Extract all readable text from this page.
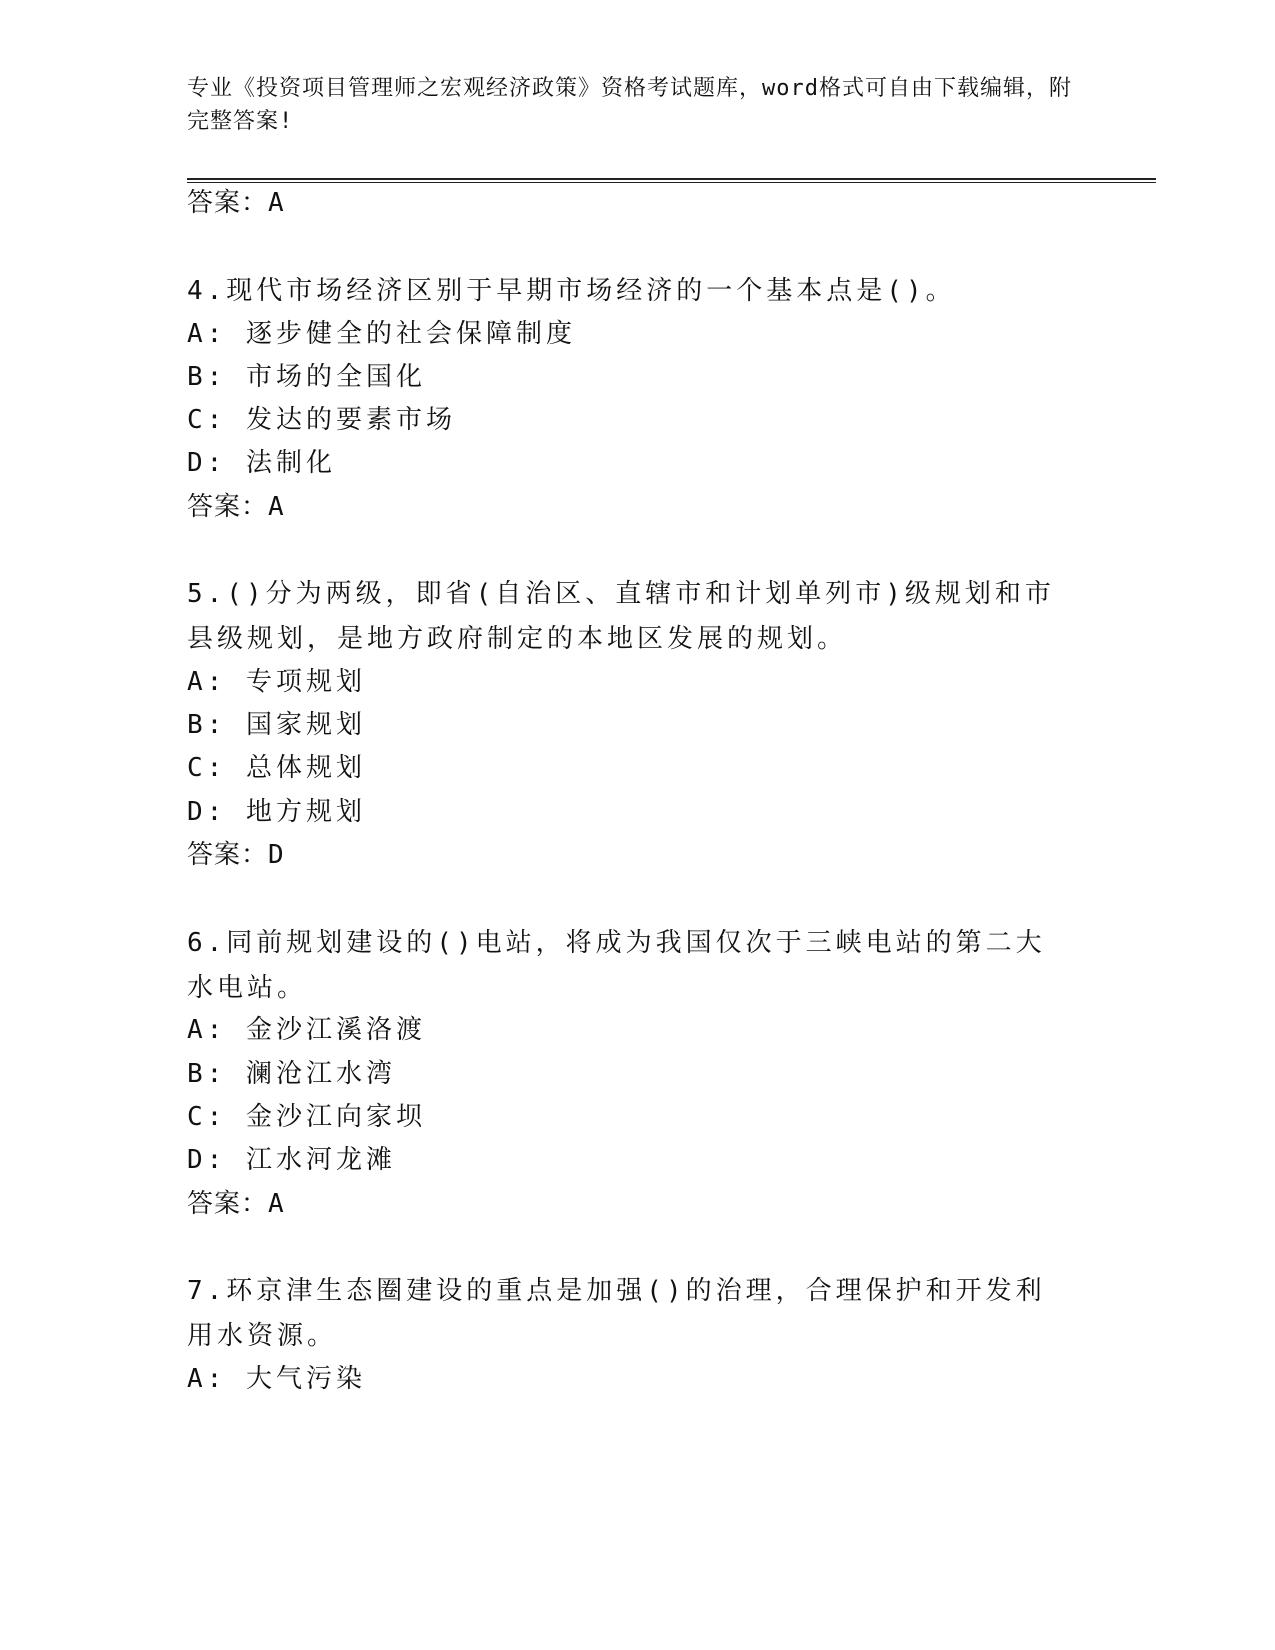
专业《投资项目管理师之宏观经济政策》资格考试题库，word格式可自由下载编辑，附完整答案!
答案：A
4.现代市场经济区别于早期市场经济的一个基本点是()。
A: 逐步健全的社会保障制度
B: 市场的全国化
C: 发达的要素市场
D: 法制化
答案：A
5.()分为两级，即省(自治区、直辖市和计划单列市)级规划和市县级规划，是地方政府制定的本地区发展的规划。
A: 专项规划
B: 国家规划
C: 总体规划
D: 地方规划
答案：D
6.同前规划建设的()电站，将成为我国仅次于三峡电站的第二大水电站。
A: 金沙江溪洛渡
B: 澜沧江水湾
C: 金沙江向家坝
D: 江水河龙滩
答案：A
7.环京津生态圈建设的重点是加强()的治理，合理保护和开发利用水资源。
A: 大气污染
